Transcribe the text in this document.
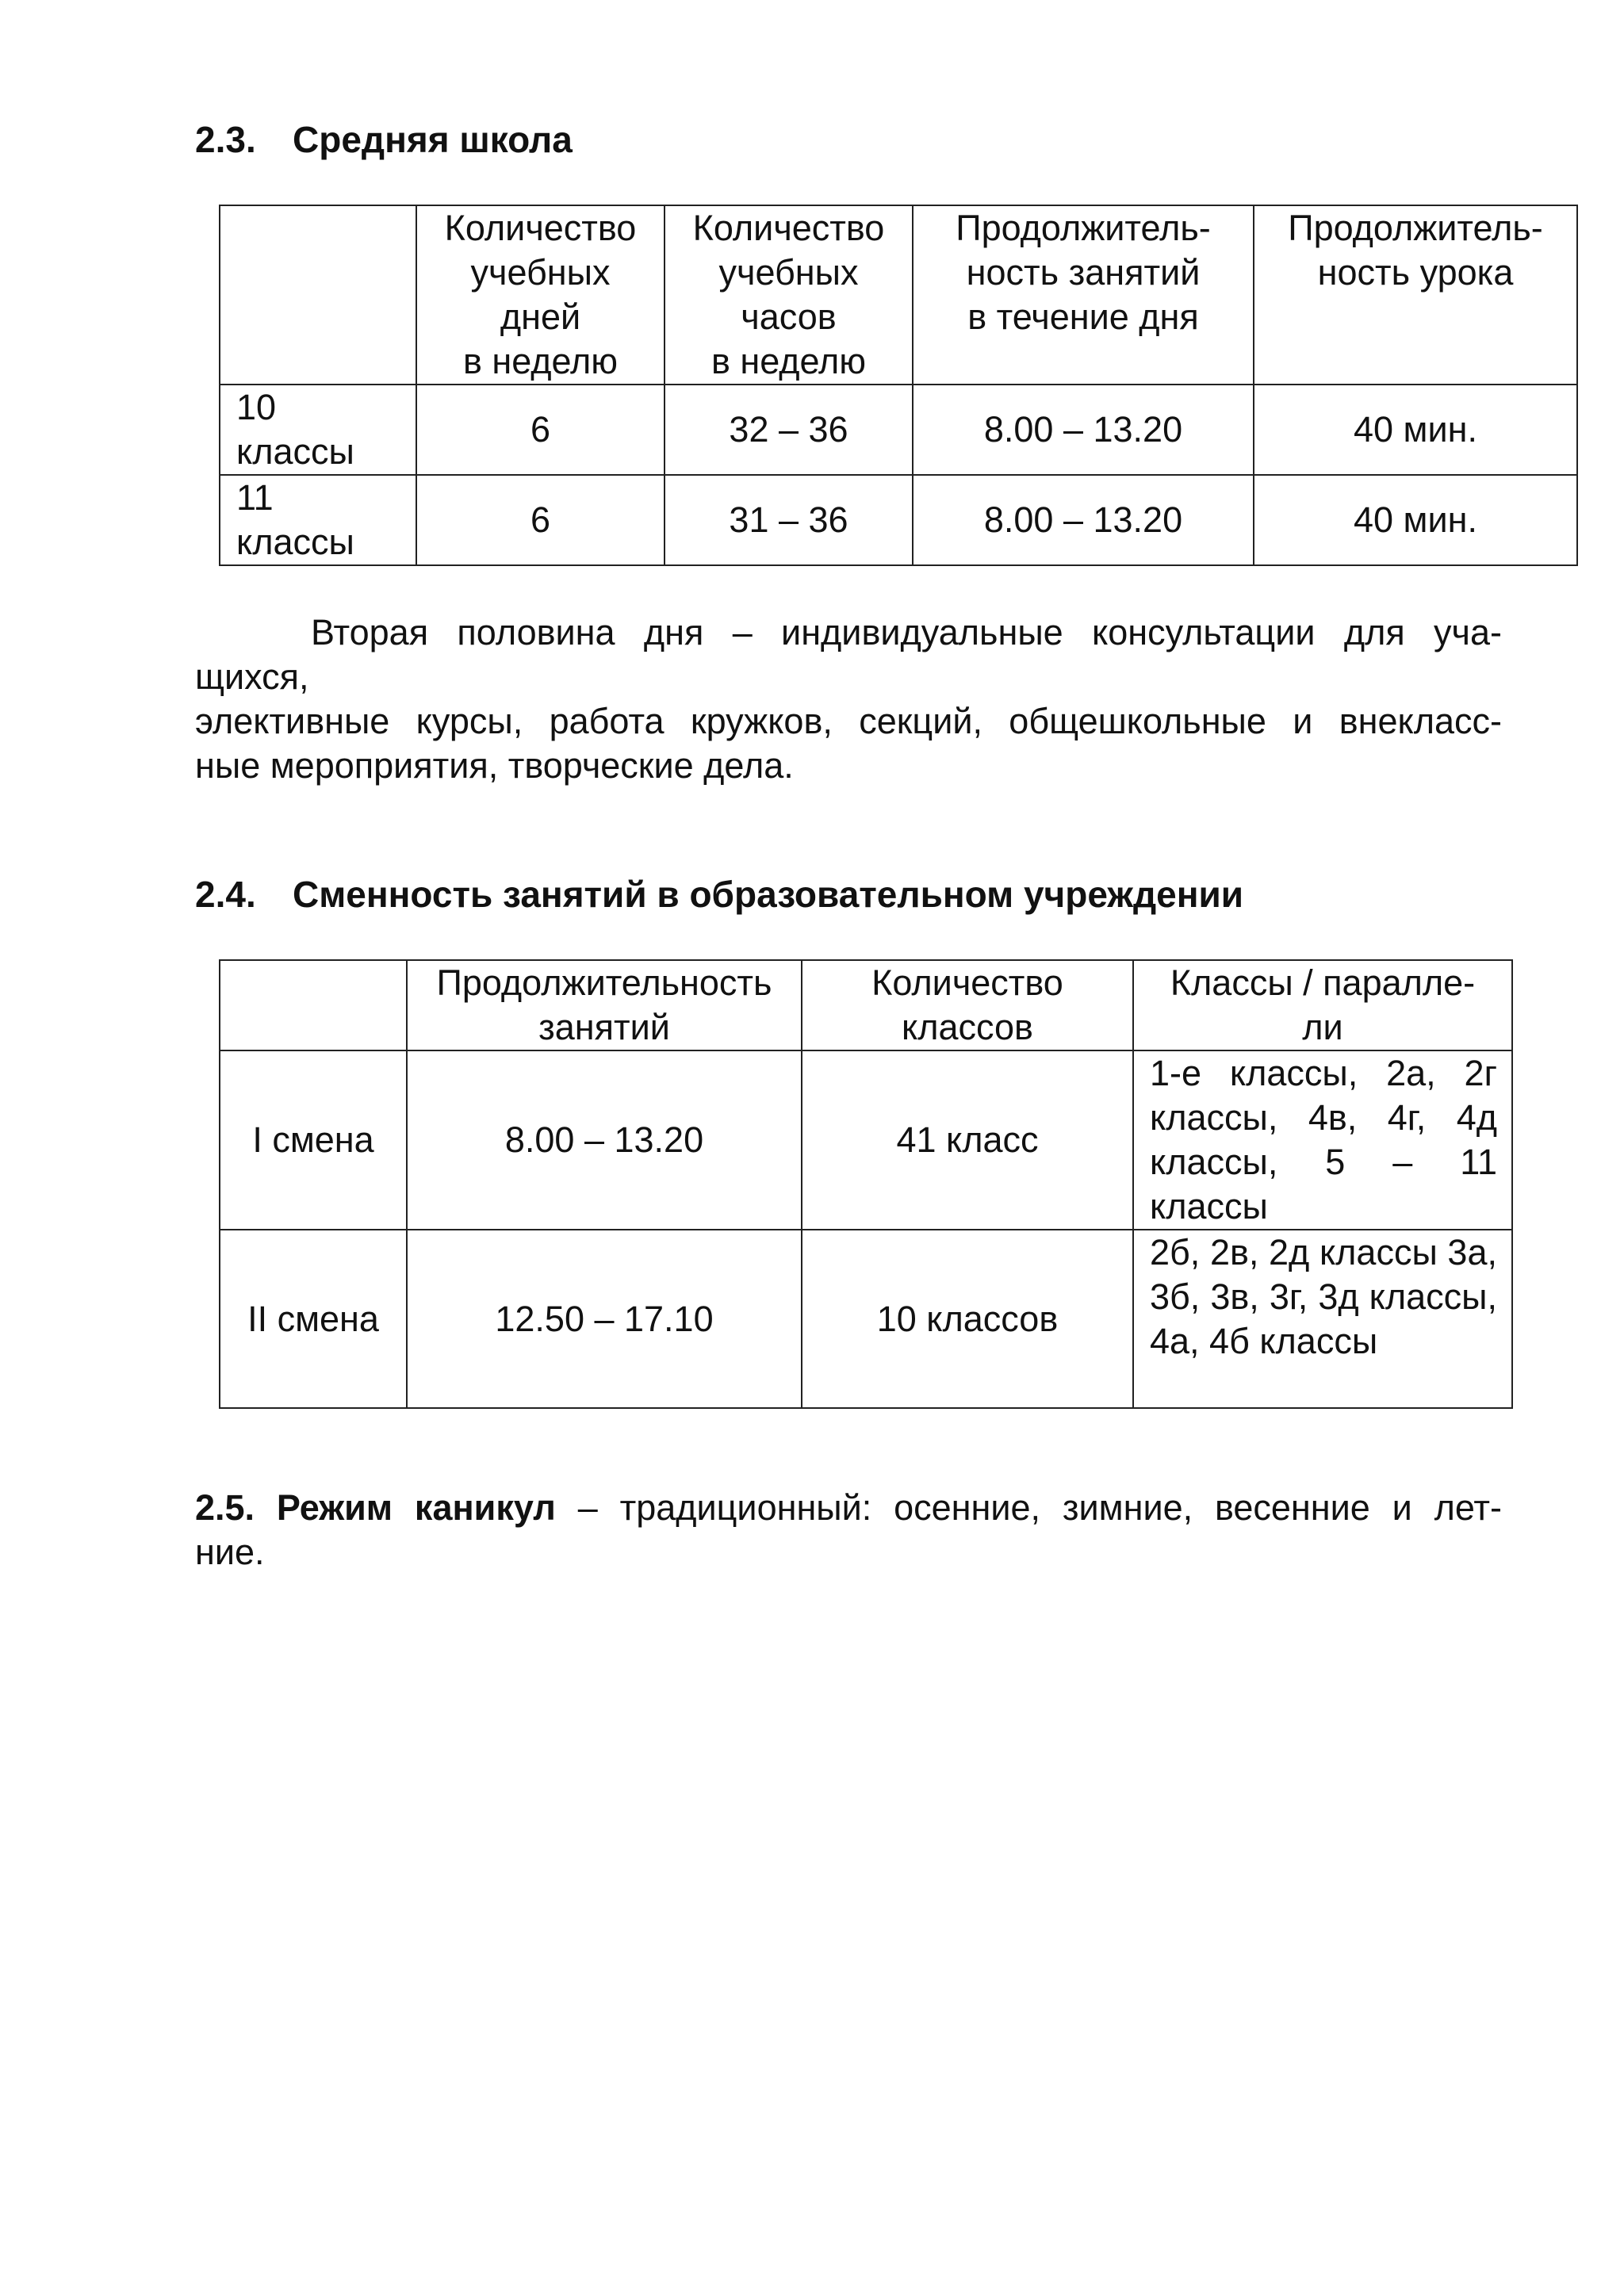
2.3. Средняя школа

	Количество
учебных
дней
в неделю	Количество
учебных
часов
в неделю	Продолжитель-
ность занятий
в течение дня	Продолжитель-
ность урока

10
классы	6	32 – 36	8.00 – 13.20	40 мин.
11
классы	6	31 – 36	8.00 – 13.20	40 мин.
Вторая половина дня – индивидуальные консультации для уча-
щихся,
элективные курсы, работа кружков, секций, общешкольные и внекласс-
ные мероприятия, творческие дела.
2.4. Сменность занятий в образовательном учреждении

	Продолжительность
занятий	Количество
классов	Классы / паралле-
ли

I смена	8.00 – 13.20	41 класс	1-е классы, 2а, 2г классы, 4в, 4г, 4д классы, 5 – 11 классы
II смена	12.50 – 17.10	10 классов	2б, 2в, 2д классы 3а, 3б, 3в, 3г, 3д классы, 4а, 4б классы
2.5. Режим каникул – традиционный: осенние, зимние, весенние и лет-
ние.
